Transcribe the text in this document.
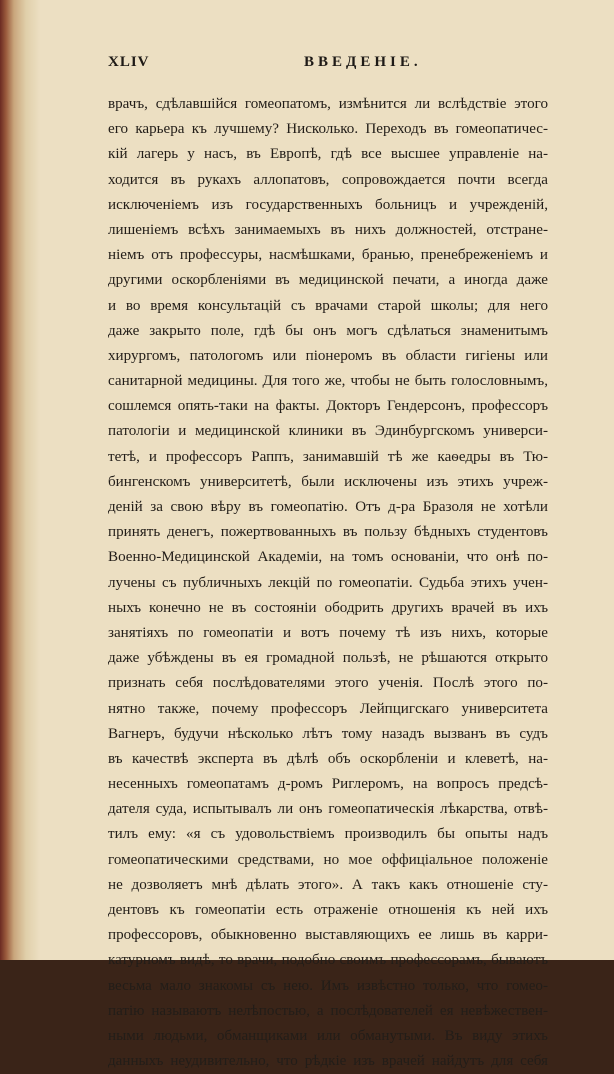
XLIV	ВВЕДЕНIЕ.
врачъ, сдѣлавшійся гомеопатомъ, измѣнится ли вслѣдствіе этого
его карьера къ лучшему? Нисколько. Переходъ въ гомеопатичес-
кій лагерь у насъ, въ Европѣ, гдѣ все высшее управленіе на-
ходится въ рукахъ аллопатовъ, сопровождается почти всегда
исключеніемъ изъ государственныхъ больницъ и учрежденій,
лишеніемъ всѣхъ занимаемыхъ въ нихъ должностей, отстране-
ніемъ отъ профессуры, насмѣшками, бранью, пренебреженіемъ и
другими оскорбленіями въ медицинской печати, а иногда даже
и во время консультацій съ врачами старой школы; для него
даже закрыто поле, гдѣ бы онъ могъ сдѣлаться знаменитымъ
хирургомъ, патологомъ или піонеромъ въ области гигіены или
санитарной медицины. Для того же, чтобы не быть голословнымъ,
сошлемся опять-таки на факты. Докторъ Гендерсонъ, профессоръ
патологіи и медицинской клиники въ Эдинбургскомъ универси-
тетѣ, и профессоръ Раппъ, занимавшій тѣ же каѳедры въ Тю-
бингенскомъ университетѣ, были исключены изъ этихъ учреж-
деній за свою вѣру въ гомеопатію. Отъ д-ра Бразоля не хотѣли
принять денегъ, пожертвованныхъ въ пользу бѣдныхъ студентовъ
Военно-Медицинской Академіи, на томъ основаніи, что онѣ по-
лучены съ публичныхъ лекцій по гомеопатіи. Судьба этихъ учен-
ныхъ конечно не въ состояніи ободрить другихъ врачей въ ихъ
занятіяхъ по гомеопатіи и вотъ почему тѣ изъ нихъ, которые
даже убѣждены въ ея громадной пользѣ, не рѣшаются открыто
признать себя послѣдователями этого ученія. Послѣ этого по-
нятно также, почему профессоръ Лейпцигскаго университета
Вагнеръ, будучи нѣсколько лѣтъ тому назадъ вызванъ въ судъ
въ качествѣ эксперта въ дѣлѣ объ оскорбленіи и клеветѣ, на-
несенныхъ гомеопатамъ д-ромъ Риглеромъ, на вопросъ предсѣ-
дателя суда, испытывалъ ли онъ гомеопатическія лѣкарства, отвѣ-
тилъ ему: «я съ удовольствіемъ производилъ бы опыты надъ
гомеопатическими средствами, но мое оффиціальное положеніе
не дозволяетъ мнѣ дѣлать этого». А такъ какъ отношеніе сту-
дентовъ къ гомеопатіи есть отраженіе отношенія къ ней ихъ
профессоровъ, обыкновенно выставляющихъ ее лишь въ карри-
катурномъ видѣ, то врачи, подобно своимъ профессорамъ, бываютъ
весьма мало знакомы съ нею. Имъ извѣстно только, что гомео-
патію называютъ нелѣпостью, а послѣдователей ея невѣжествен-
ными людьми, обманщиками или обманутыми. Въ виду этихъ
данныхъ неудивительно, что рѣдкіе изъ врачей найдутъ для себя
